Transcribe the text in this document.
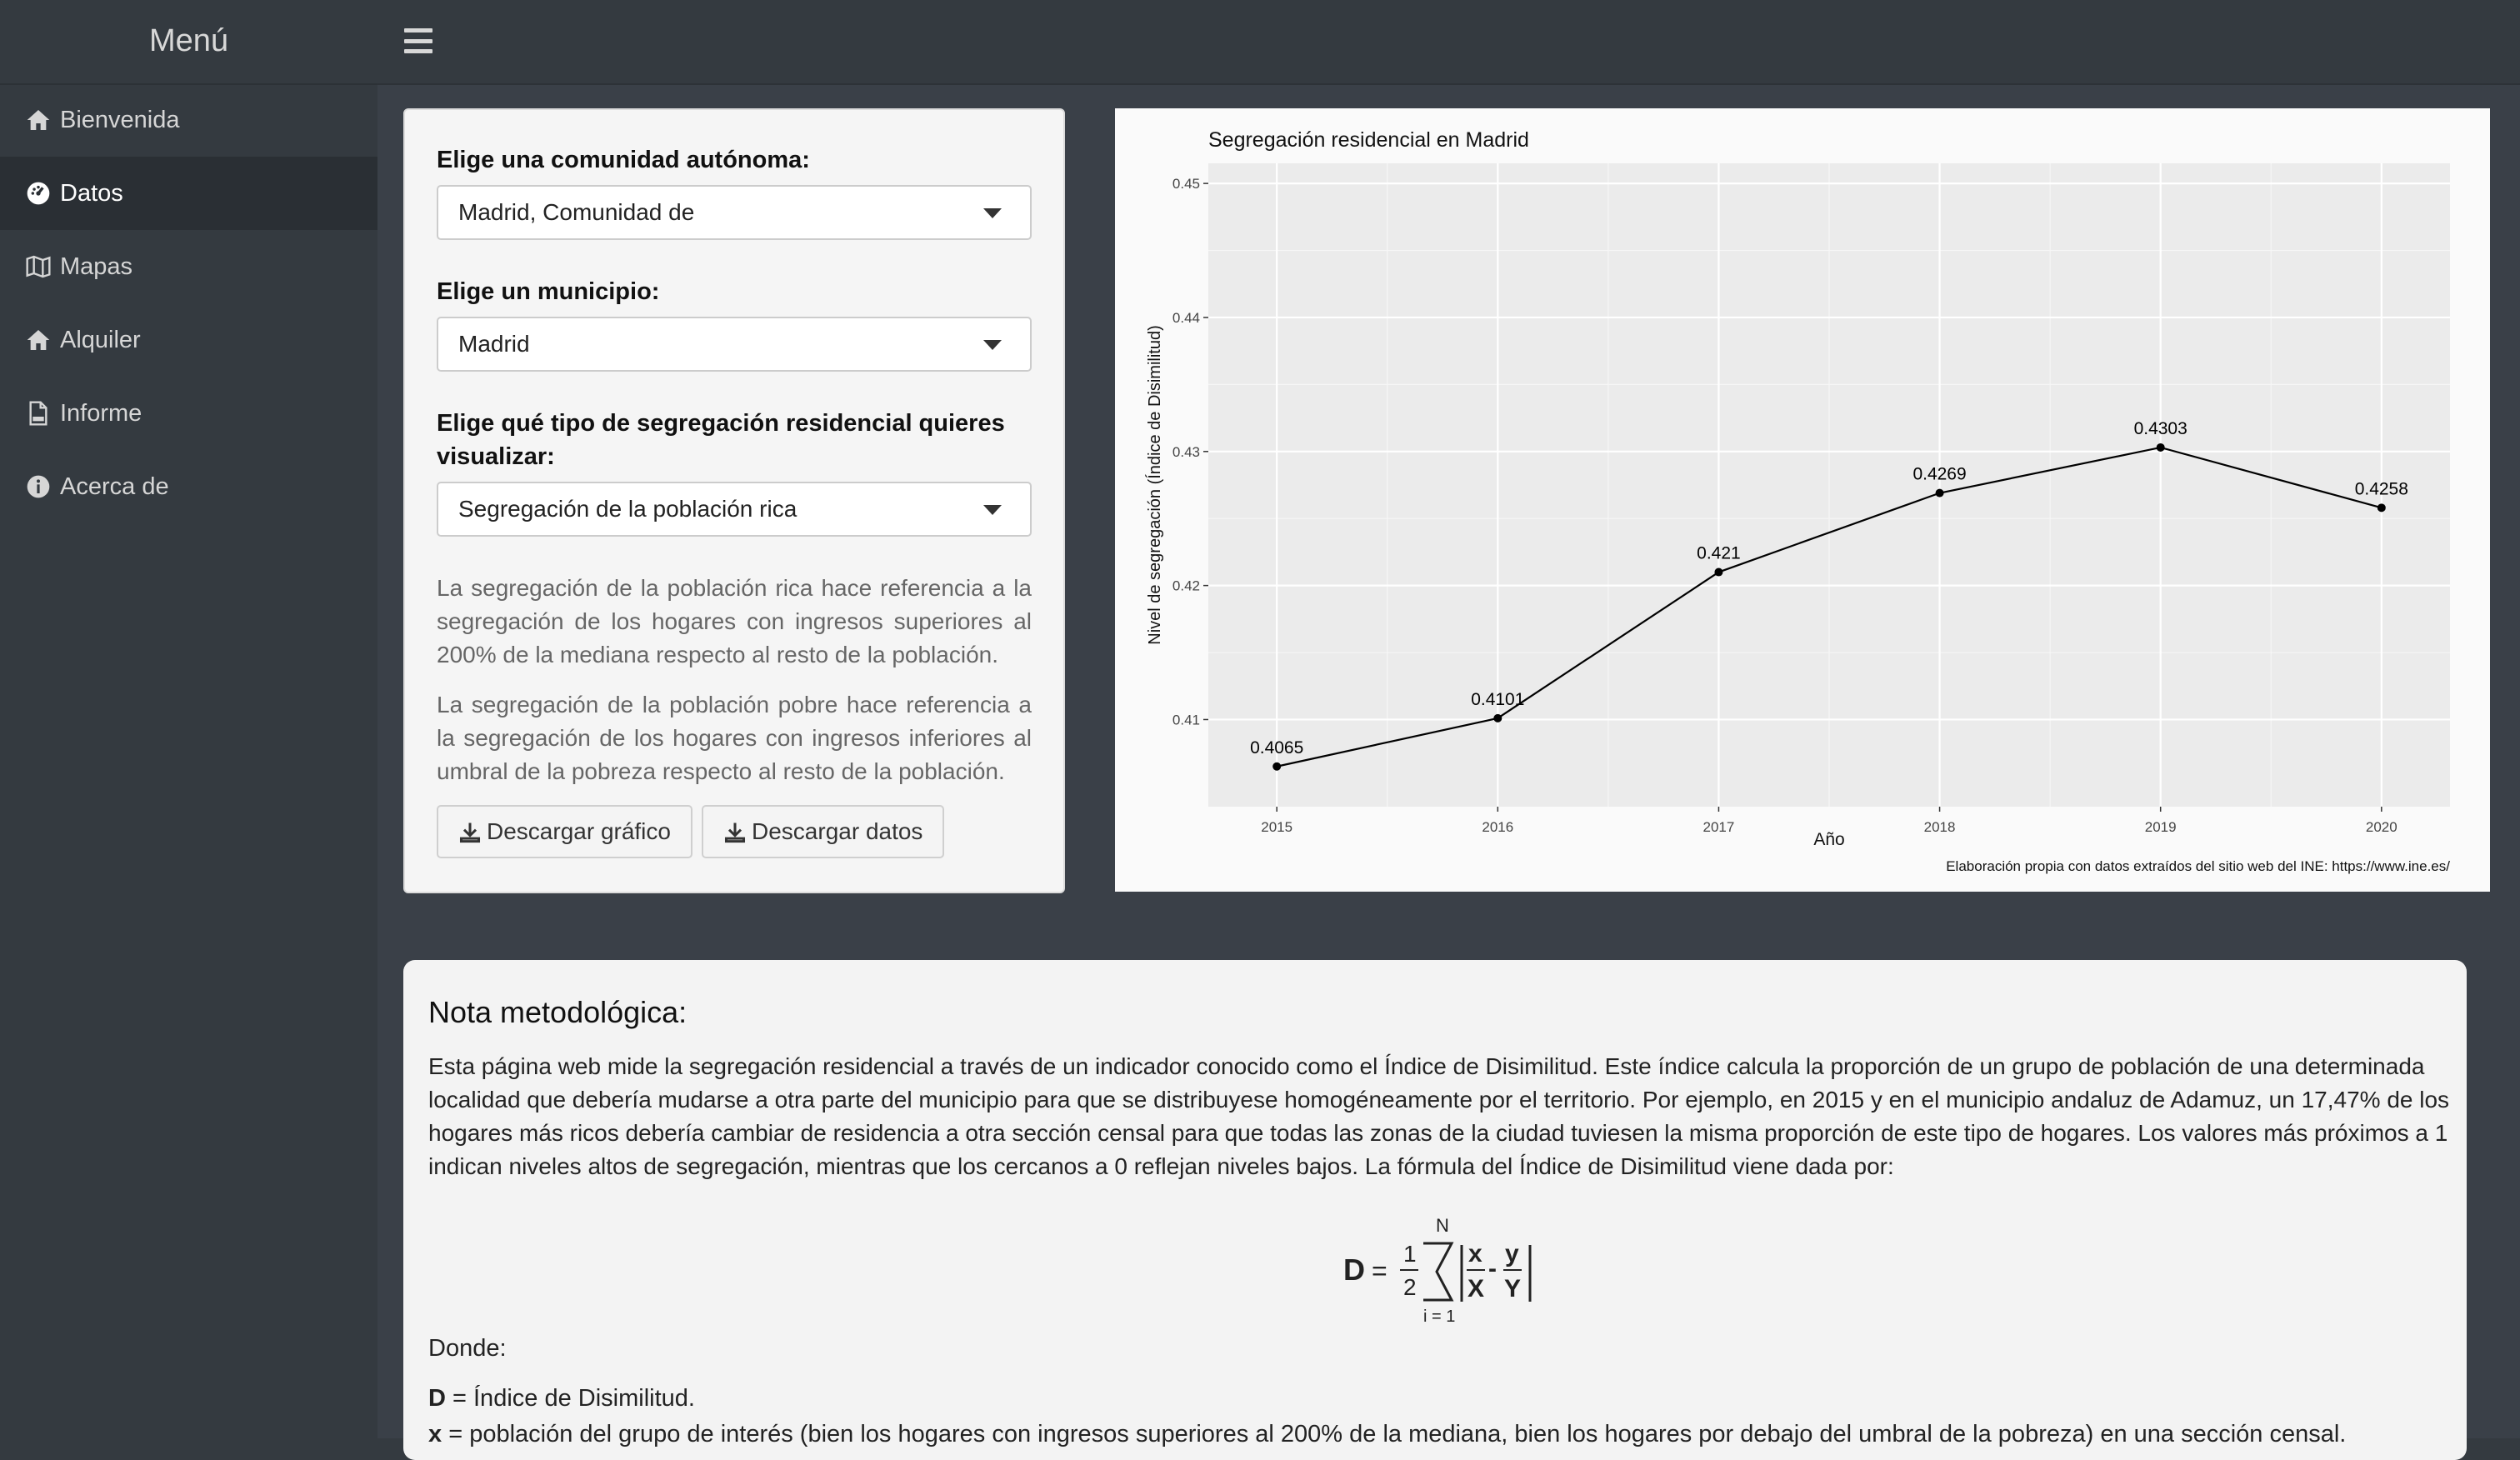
Menú
Bienvenida
Datos
Mapas
Alquiler
Informe
Acerca de
Elige una comunidad autónoma:
Madrid, Comunidad de
Elige un municipio:
Madrid
Elige qué tipo de segregación residencial quieres visualizar:
Segregación de la población rica
La segregación de la población rica hace referencia a la segregación de los hogares con ingresos superiores al 200% de la mediana respecto al resto de la población.
La segregación de la población pobre hace referencia a la segregación de los hogares con ingresos inferiores al umbral de la pobreza respecto al resto de la población.
Descargar gráfico	Descargar datos
0.41
0.42
0.43
0.44
0.45
2015	2016	2017	2018	2019	2020
0.4065
0.4101
0.421
0.4269
0.4303
0.4258
Segregación residencial en Madrid
Año
Nivel de segregación (Índice de Disimilitud)
Elaboración propia con datos extraídos del sitio web del INE: https://www.ine.es/
Nota metodológica:

Esta página web mide la segregación residencial a través de un indicador conocido como el Índice de Disimilitud. Este índice calcula la proporción de un grupo de población de una determinada localidad que debería mudarse a otra parte del municipio para que se distribuyese homogéneamente por el territorio. Por ejemplo, en 2015 y en el municipio andaluz de Adamuz, un 17,47% de los hogares más ricos debería cambiar de residencia a otra sección censal para que todas las zonas de la ciudad tuviesen la misma proporción de este tipo de hogares. Los valores más próximos a 1 indican niveles altos de segregación, mientras que los cercanos a 0 reflejan niveles bajos. La fórmula del Índice de Disimilitud viene dada por:

D =
1
2
N
i = 1
x
X
-
y
Y
Donde:
D = Índice de Disimilitud.
x = población del grupo de interés (bien los hogares con ingresos superiores al 200% de la mediana, bien los hogares por debajo del umbral de la pobreza) en una sección censal.
